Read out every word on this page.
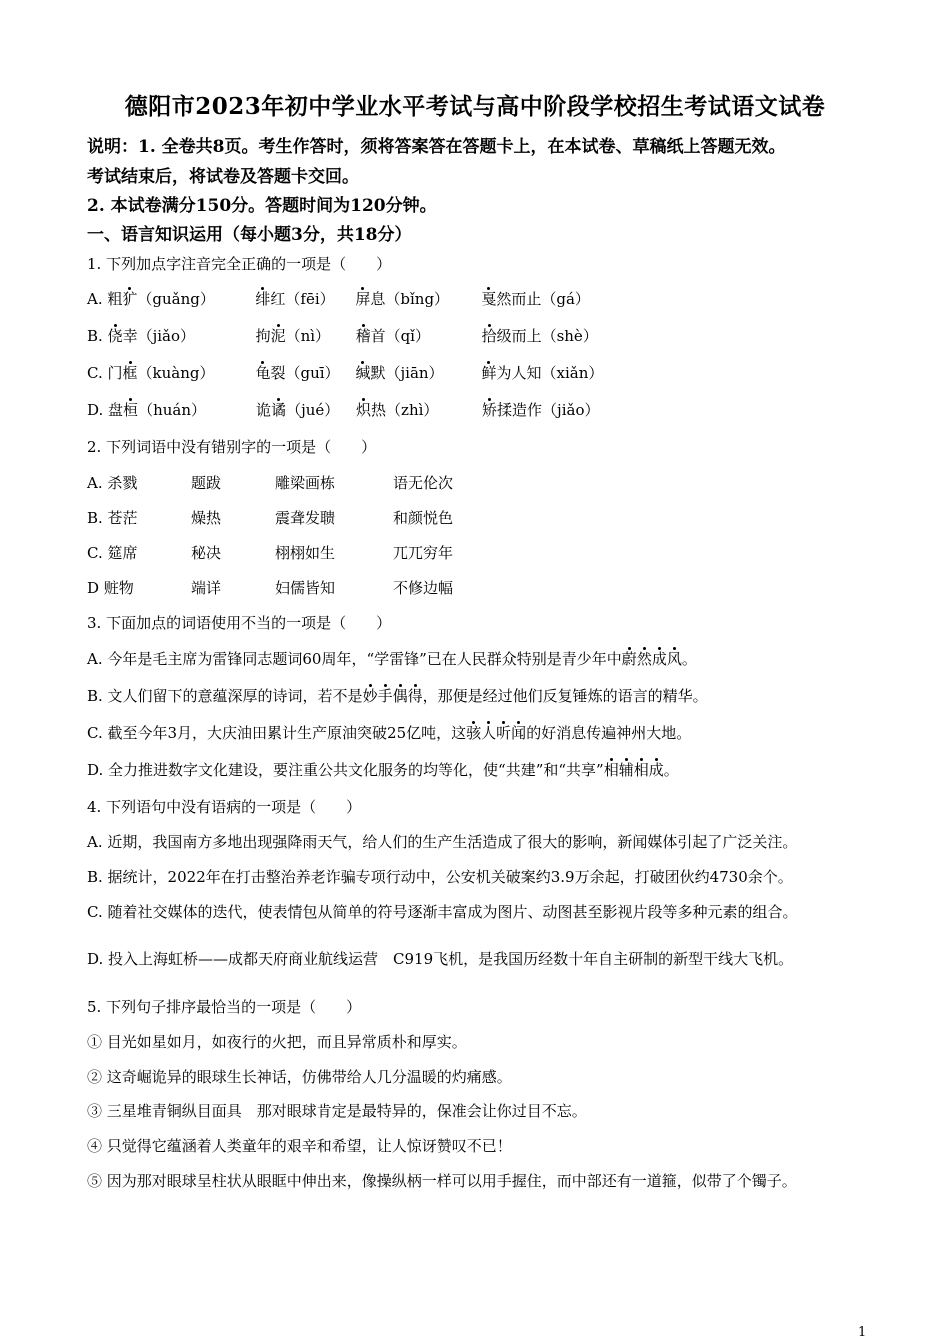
德阳市2023年初中学业水平考试与高中阶段学校招生考试语文试卷
说明：1. 全卷共8页。考生作答时，须将答案答在答题卡上，在本试卷、草稿纸上答题无效。
考试结束后，将试卷及答题卡交回。
2. 本试卷满分150分。答题时间为120分钟。
一、语言知识运用（每小题3分，共18分）
1. 下列加点字注音完全正确的一项是（　　）
A. 粗犷（guǎng）	绯红（fēi） 屏息（bǐng） 戛然而止（gá）
B. 侥幸（jiǎo）	拘泥（nì） 稽首（qǐ）	拾级而上（shè）
C. 门框（kuàng）	龟裂（guī） 缄默（jiān）	鲜为人知（xiǎn）
D. 盘桓（huán）	诡谲（jué） 炽热（zhì）	矫揉造作（jiǎo）
2. 下列词语中没有错别字的一项是（　　）
A. 杀戮	题跋	雕梁画栋	语无伦次
B. 苍茫	燥热	震聋发聩	和颜悦色
C. 筵席	秘决	栩栩如生	兀兀穷年
D 赃物	端详	妇儒皆知	不修边幅
3. 下面加点的词语使用不当的一项是（　　）
A. 今年是毛主席为雷锋同志题词60周年，“学雷锋”已在人民群众特别是青少年中蔚然成风。
B. 文人们留下的意蕴深厚的诗词，若不是妙手偶得，那便是经过他们反复锤炼的语言的精华。
C. 截至今年3月，大庆油田累计生产原油突破25亿吨，这骇人听闻的好消息传遍神州大地。
D. 全力推进数字文化建设，要注重公共文化服务的均等化，使“共建”和“共享”相辅相成。
4. 下列语句中没有语病的一项是（　　）
A. 近期，我国南方多地出现强降雨天气，给人们的生产生活造成了很大的影响，新闻媒体引起了广泛关注。
B. 据统计，2022年在打击整治养老诈骗专项行动中，公安机关破案约3.9万余起，打破团伙约4730余个。
C. 随着社交媒体的迭代，使表情包从简单的符号逐渐丰富成为图片、动图甚至影视片段等多种元素的组合。
D. 投入上海虹桥——成都天府商业航线运营　C919飞机，是我国历经数十年自主研制的新型干线大飞机。
5. 下列句子排序最恰当的一项是（　　）
① 目光如星如月，如夜行的火把，而且异常质朴和厚实。
② 这奇崛诡异的眼球生长神话，仿佛带给人几分温暖的灼痛感。
③ 三星堆青铜纵目面具　那对眼球肯定是最特异的，保准会让你过目不忘。
④ 只觉得它蕴涵着人类童年的艰辛和希望，让人惊讶赞叹不已！
⑤ 因为那对眼球呈柱状从眼眶中伸出来，像操纵柄一样可以用手握住，而中部还有一道箍，似带了个镯子。
1
